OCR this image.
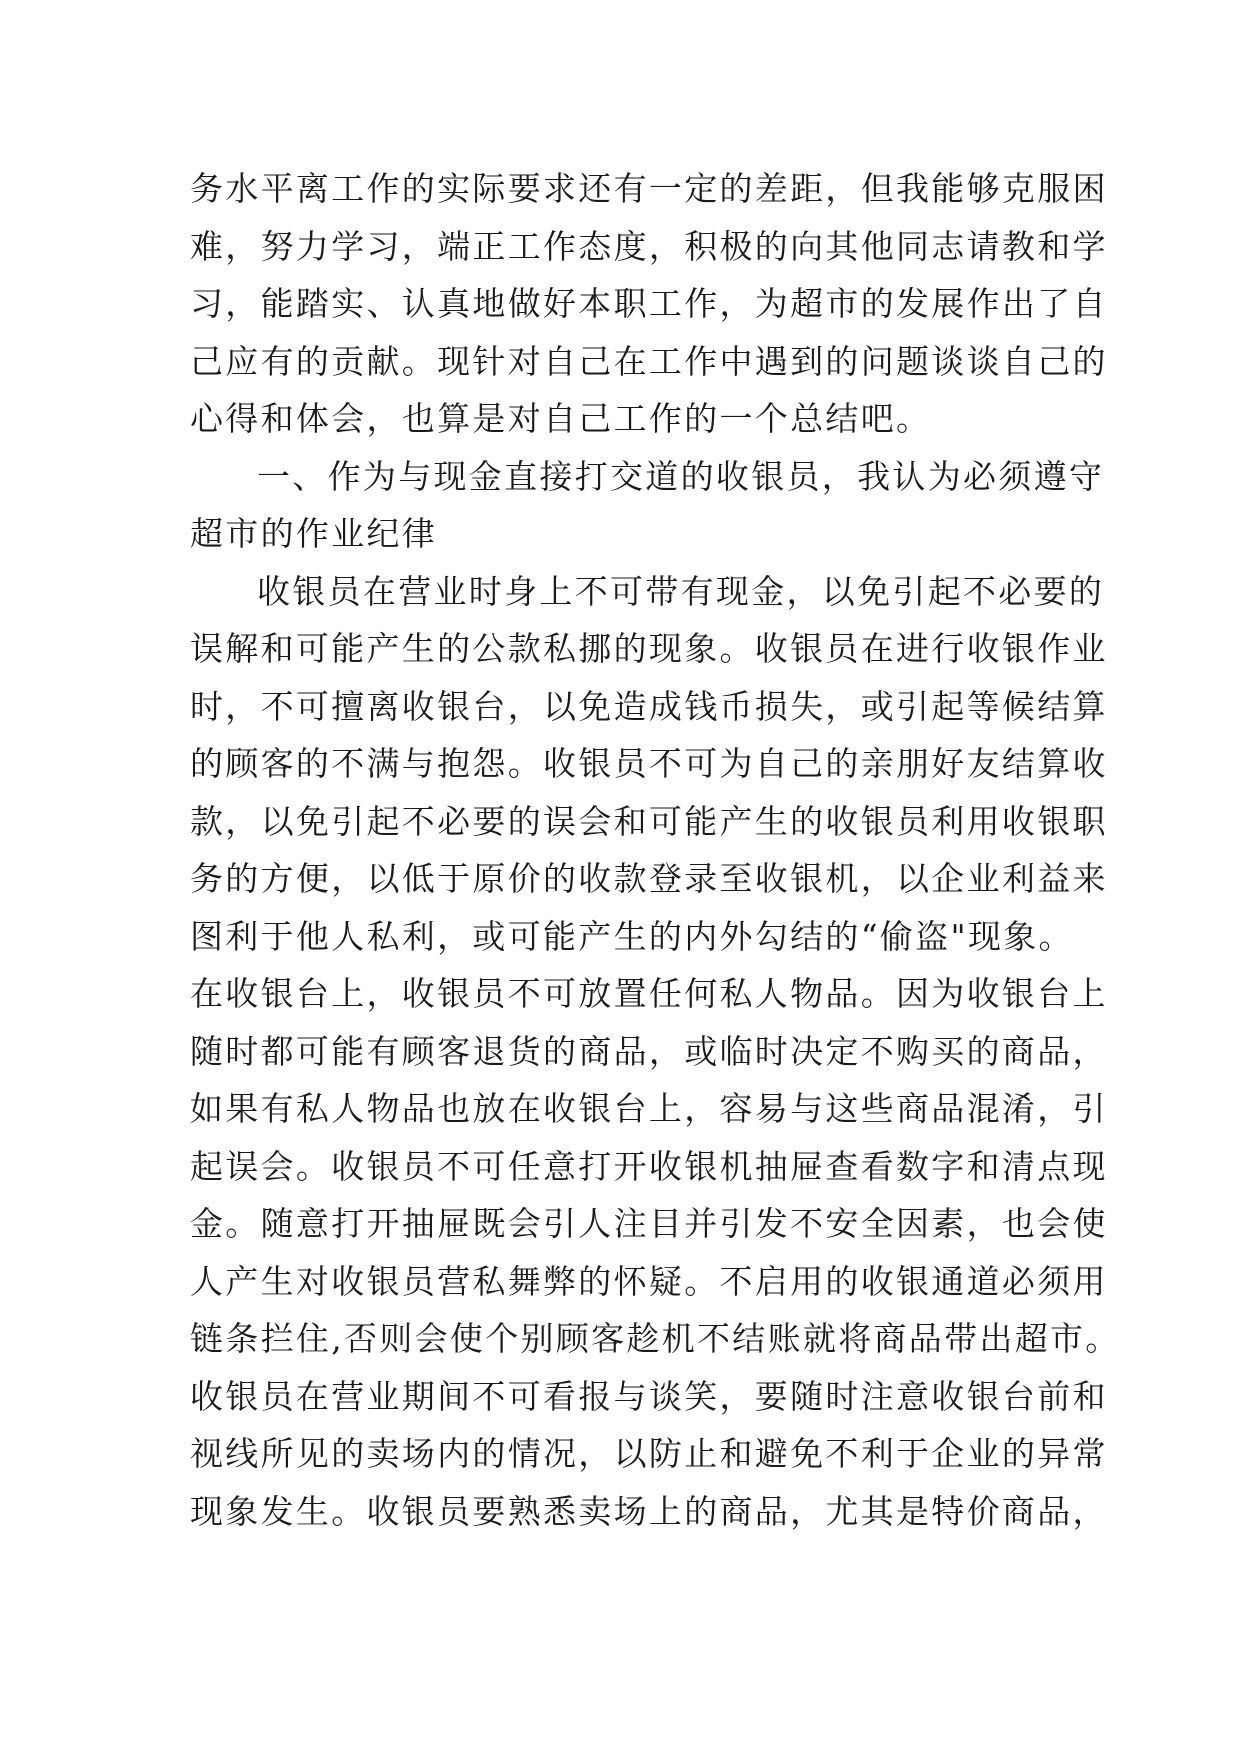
务水平离工作的实际要求还有一定的差距，但我能够克服困
难，努力学习，端正工作态度，积极的向其他同志请教和学
习，能踏实、认真地做好本职工作，为超市的发展作出了自
己应有的贡献。现针对自己在工作中遇到的问题谈谈自己的
心得和体会，也算是对自己工作的一个总结吧。
一、作为与现金直接打交道的收银员，我认为必须遵守
超市的作业纪律
收银员在营业时身上不可带有现金，以免引起不必要的
误解和可能产生的公款私挪的现象。收银员在进行收银作业
时，不可擅离收银台，以免造成钱币损失，或引起等候结算
的顾客的不满与抱怨。收银员不可为自己的亲朋好友结算收
款，以免引起不必要的误会和可能产生的收银员利用收银职
务的方便，以低于原价的收款登录至收银机，以企业利益来
图利于他人私利，或可能产生的内外勾结的“偷盗"现象。
在收银台上，收银员不可放置任何私人物品。因为收银台上
随时都可能有顾客退货的商品，或临时决定不购买的商品，
如果有私人物品也放在收银台上，容易与这些商品混淆，引
起误会。收银员不可任意打开收银机抽屉查看数字和清点现
金。随意打开抽屉既会引人注目并引发不安全因素，也会使
人产生对收银员营私舞弊的怀疑。不启用的收银通道必须用
链条拦住,否则会使个别顾客趁机不结账就将商品带出超市。
收银员在营业期间不可看报与谈笑，要随时注意收银台前和
视线所见的卖场内的情况，以防止和避免不利于企业的异常
现象发生。收银员要熟悉卖场上的商品，尤其是特价商品，
